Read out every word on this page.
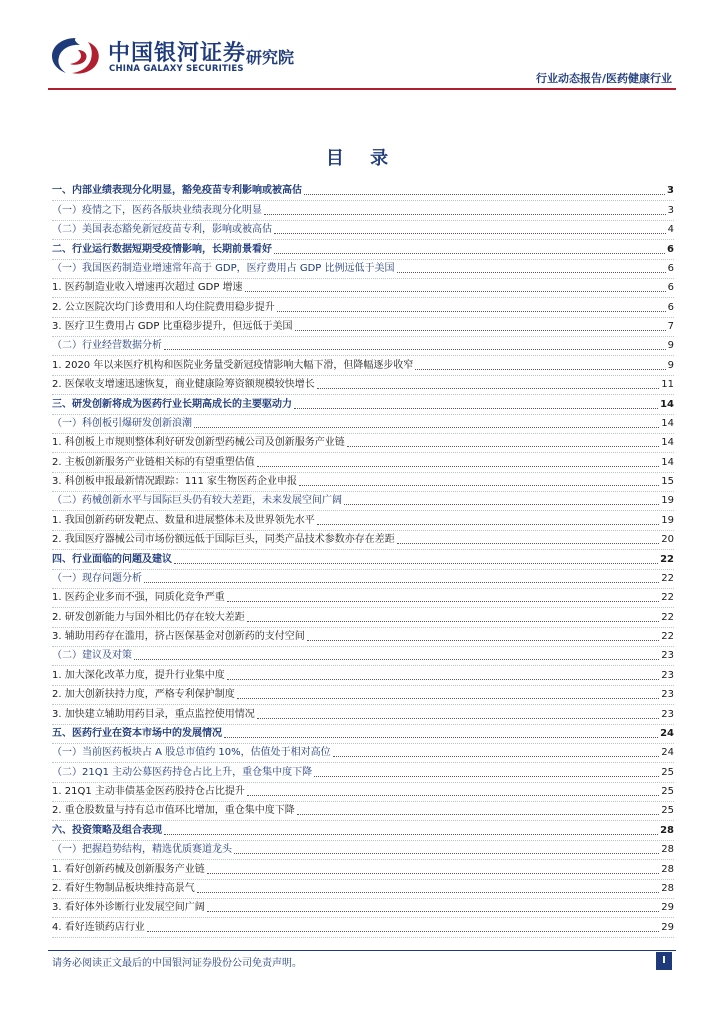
中国银河证券
CHINA GALAXY SECURITIES
研究院
行业动态报告/医药健康行业
目 录
一、内部业绩表现分化明显，豁免疫苗专利影响或被高估	3
（一）疫情之下，医药各版块业绩表现分化明显	3
（二）美国表态豁免新冠疫苗专利，影响或被高估	4
二、行业运行数据短期受疫情影响，长期前景看好	6
（一）我国医药制造业增速常年高于 GDP，医疗费用占 GDP 比例远低于美国	6
1. 医药制造业收入增速再次超过 GDP 增速	6
2. 公立医院次均门诊费用和人均住院费用稳步提升	6
3. 医疗卫生费用占 GDP 比重稳步提升，但远低于美国	7
（二）行业经营数据分析	9
1. 2020 年以来医疗机构和医院业务量受新冠疫情影响大幅下滑，但降幅逐步收窄	9
2. 医保收支增速迅速恢复，商业健康险筹资额规模较快增长	11
三、研发创新将成为医药行业长期高成长的主要驱动力	14
（一）科创板引爆研发创新浪潮	14
1. 科创板上市规则整体利好研发创新型药械公司及创新服务产业链	14
2. 主板创新服务产业链相关标的有望重塑估值	14
3. 科创板申报最新情况跟踪：111 家生物医药企业申报	15
（二）药械创新水平与国际巨头仍有较大差距，未来发展空间广阔	19
1. 我国创新药研发靶点、数量和进展整体未及世界领先水平	19
2. 我国医疗器械公司市场份额远低于国际巨头，同类产品技术参数亦存在差距	20
四、行业面临的问题及建议	22
（一）现存问题分析	22
1. 医药企业多而不强，同质化竞争严重	22
2. 研发创新能力与国外相比仍存在较大差距	22
3. 辅助用药存在滥用，挤占医保基金对创新药的支付空间	22
（二）建议及对策	23
1. 加大深化改革力度，提升行业集中度	23
2. 加大创新扶持力度，严格专利保护制度	23
3. 加快建立辅助用药目录，重点监控使用情况	23
五、医药行业在资本市场中的发展情况	24
（一）当前医药板块占 A 股总市值约 10%，估值处于相对高位	24
（二）21Q1 主动公募医药持仓占比上升，重仓集中度下降	25
1. 21Q1 主动非债基金医药股持仓占比提升	25
2. 重仓股数量与持有总市值环比增加，重仓集中度下降	25
六、投资策略及组合表现	28
（一）把握趋势结构，精选优质赛道龙头	28
1. 看好创新药械及创新服务产业链	28
2. 看好生物制品板块维持高景气	28
3. 看好体外诊断行业发展空间广阔	29
4. 看好连锁药店行业	29
请务必阅读正文最后的中国银河证券股份公司免责声明。	I
